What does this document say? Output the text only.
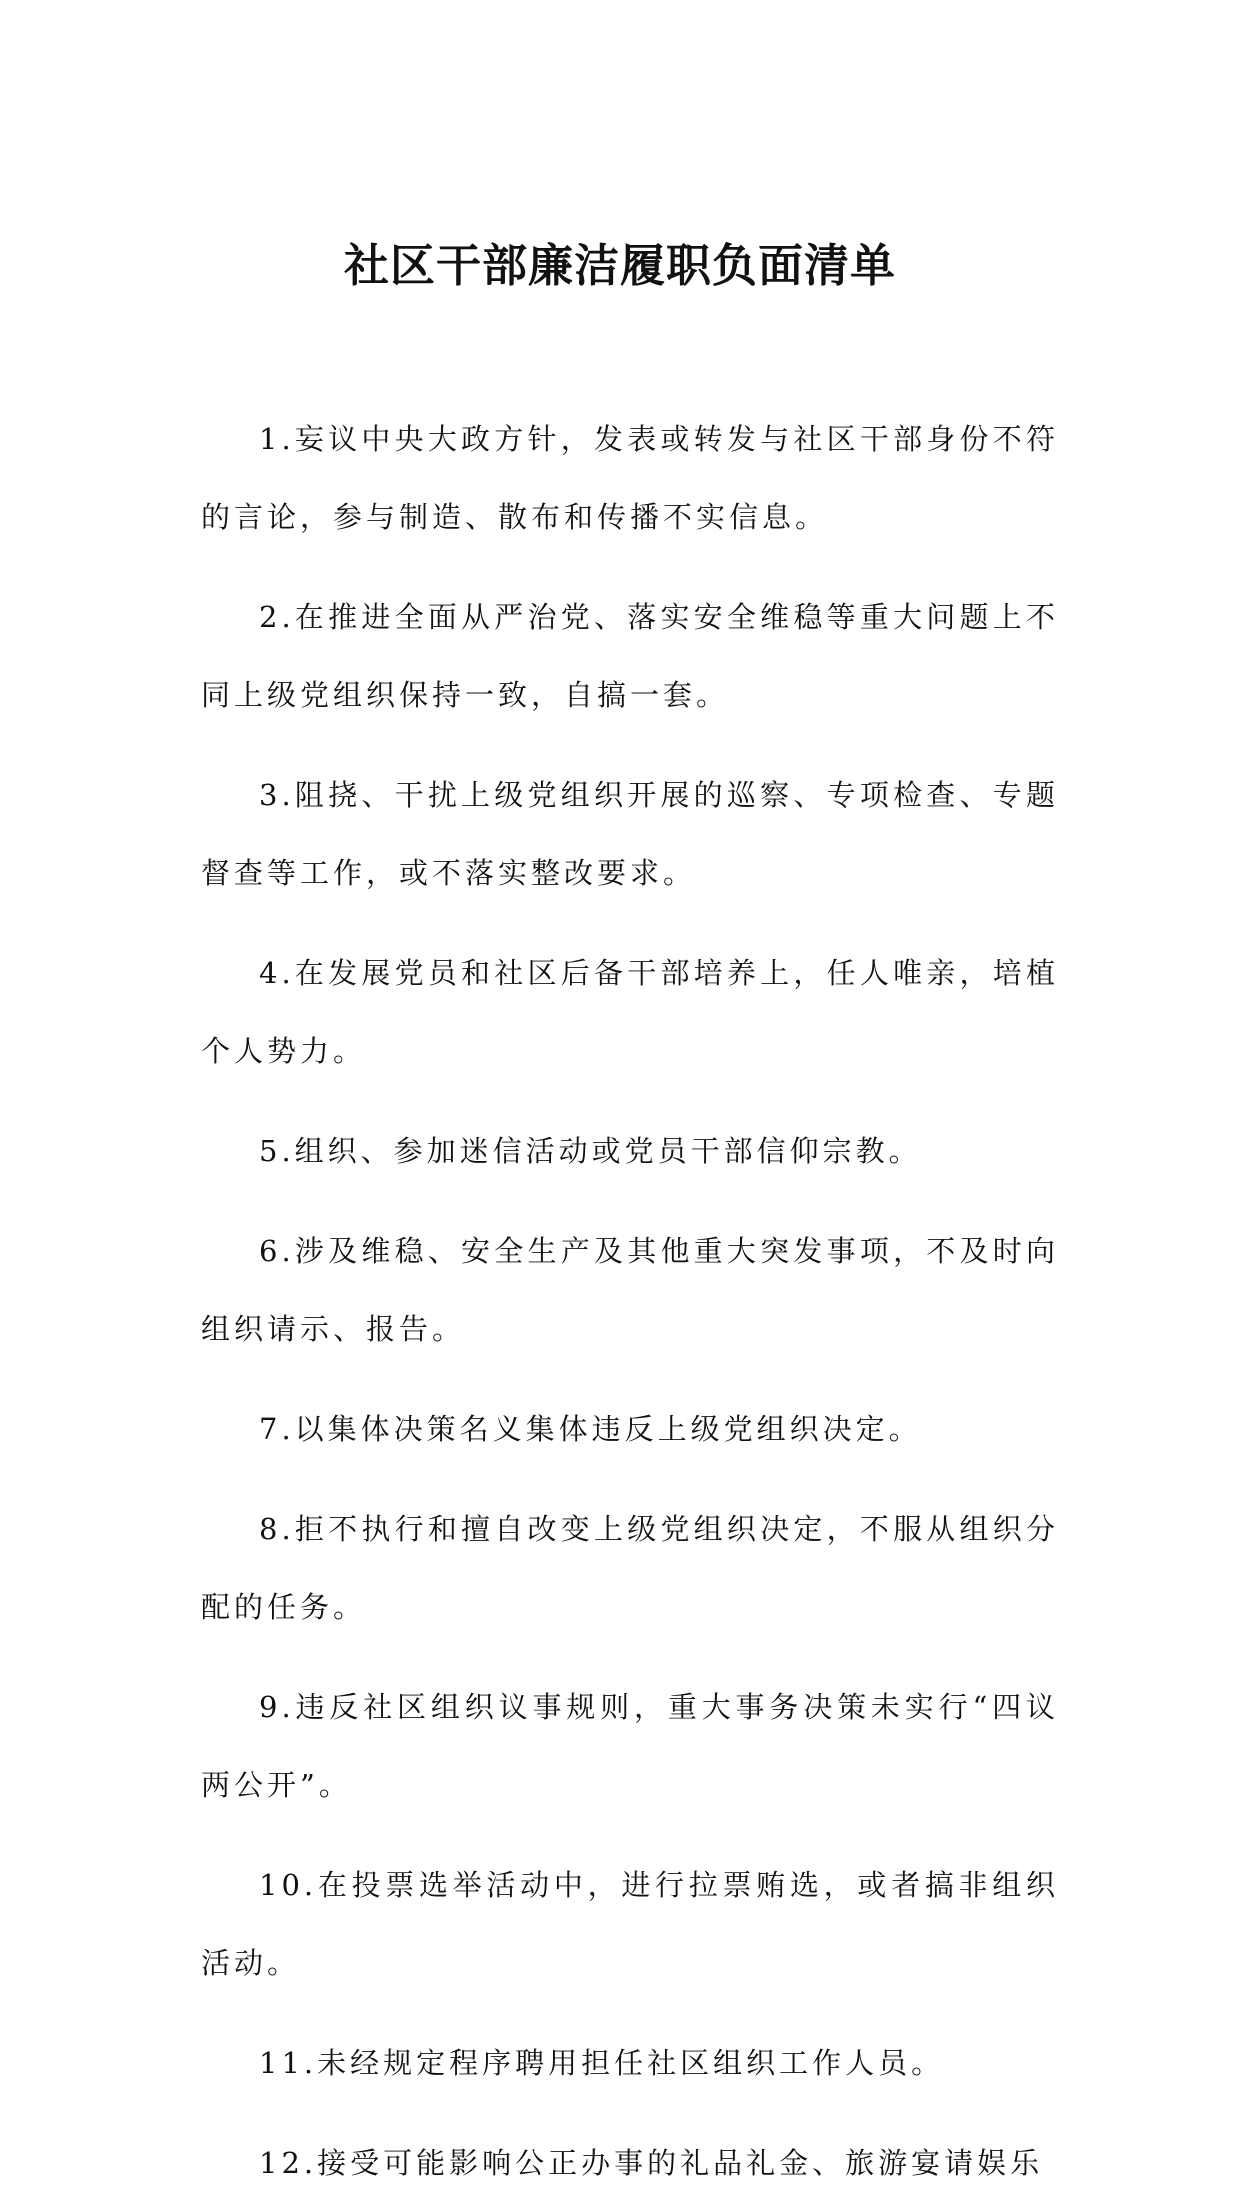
社区干部廉洁履职负面清单

1.妄议中央大政方针，发表或转发与社区干部身份不符的言论，参与制造、散布和传播不实信息。

2.在推进全面从严治党、落实安全维稳等重大问题上不同上级党组织保持一致，自搞一套。

3.阻挠、干扰上级党组织开展的巡察、专项检查、专题督查等工作，或不落实整改要求。

4.在发展党员和社区后备干部培养上，任人唯亲，培植个人势力。

5.组织、参加迷信活动或党员干部信仰宗教。

6.涉及维稳、安全生产及其他重大突发事项，不及时向组织请示、报告。

7.以集体决策名义集体违反上级党组织决定。

8.拒不执行和擅自改变上级党组织决定，不服从组织分配的任务。

9.违反社区组织议事规则，重大事务决策未实行“四议两公开”。

10.在投票选举活动中，进行拉票贿选，或者搞非组织活动。

11.未经规定程序聘用担任社区组织工作人员。

12.接受可能影响公正办事的礼品礼金、旅游宴请娱乐
